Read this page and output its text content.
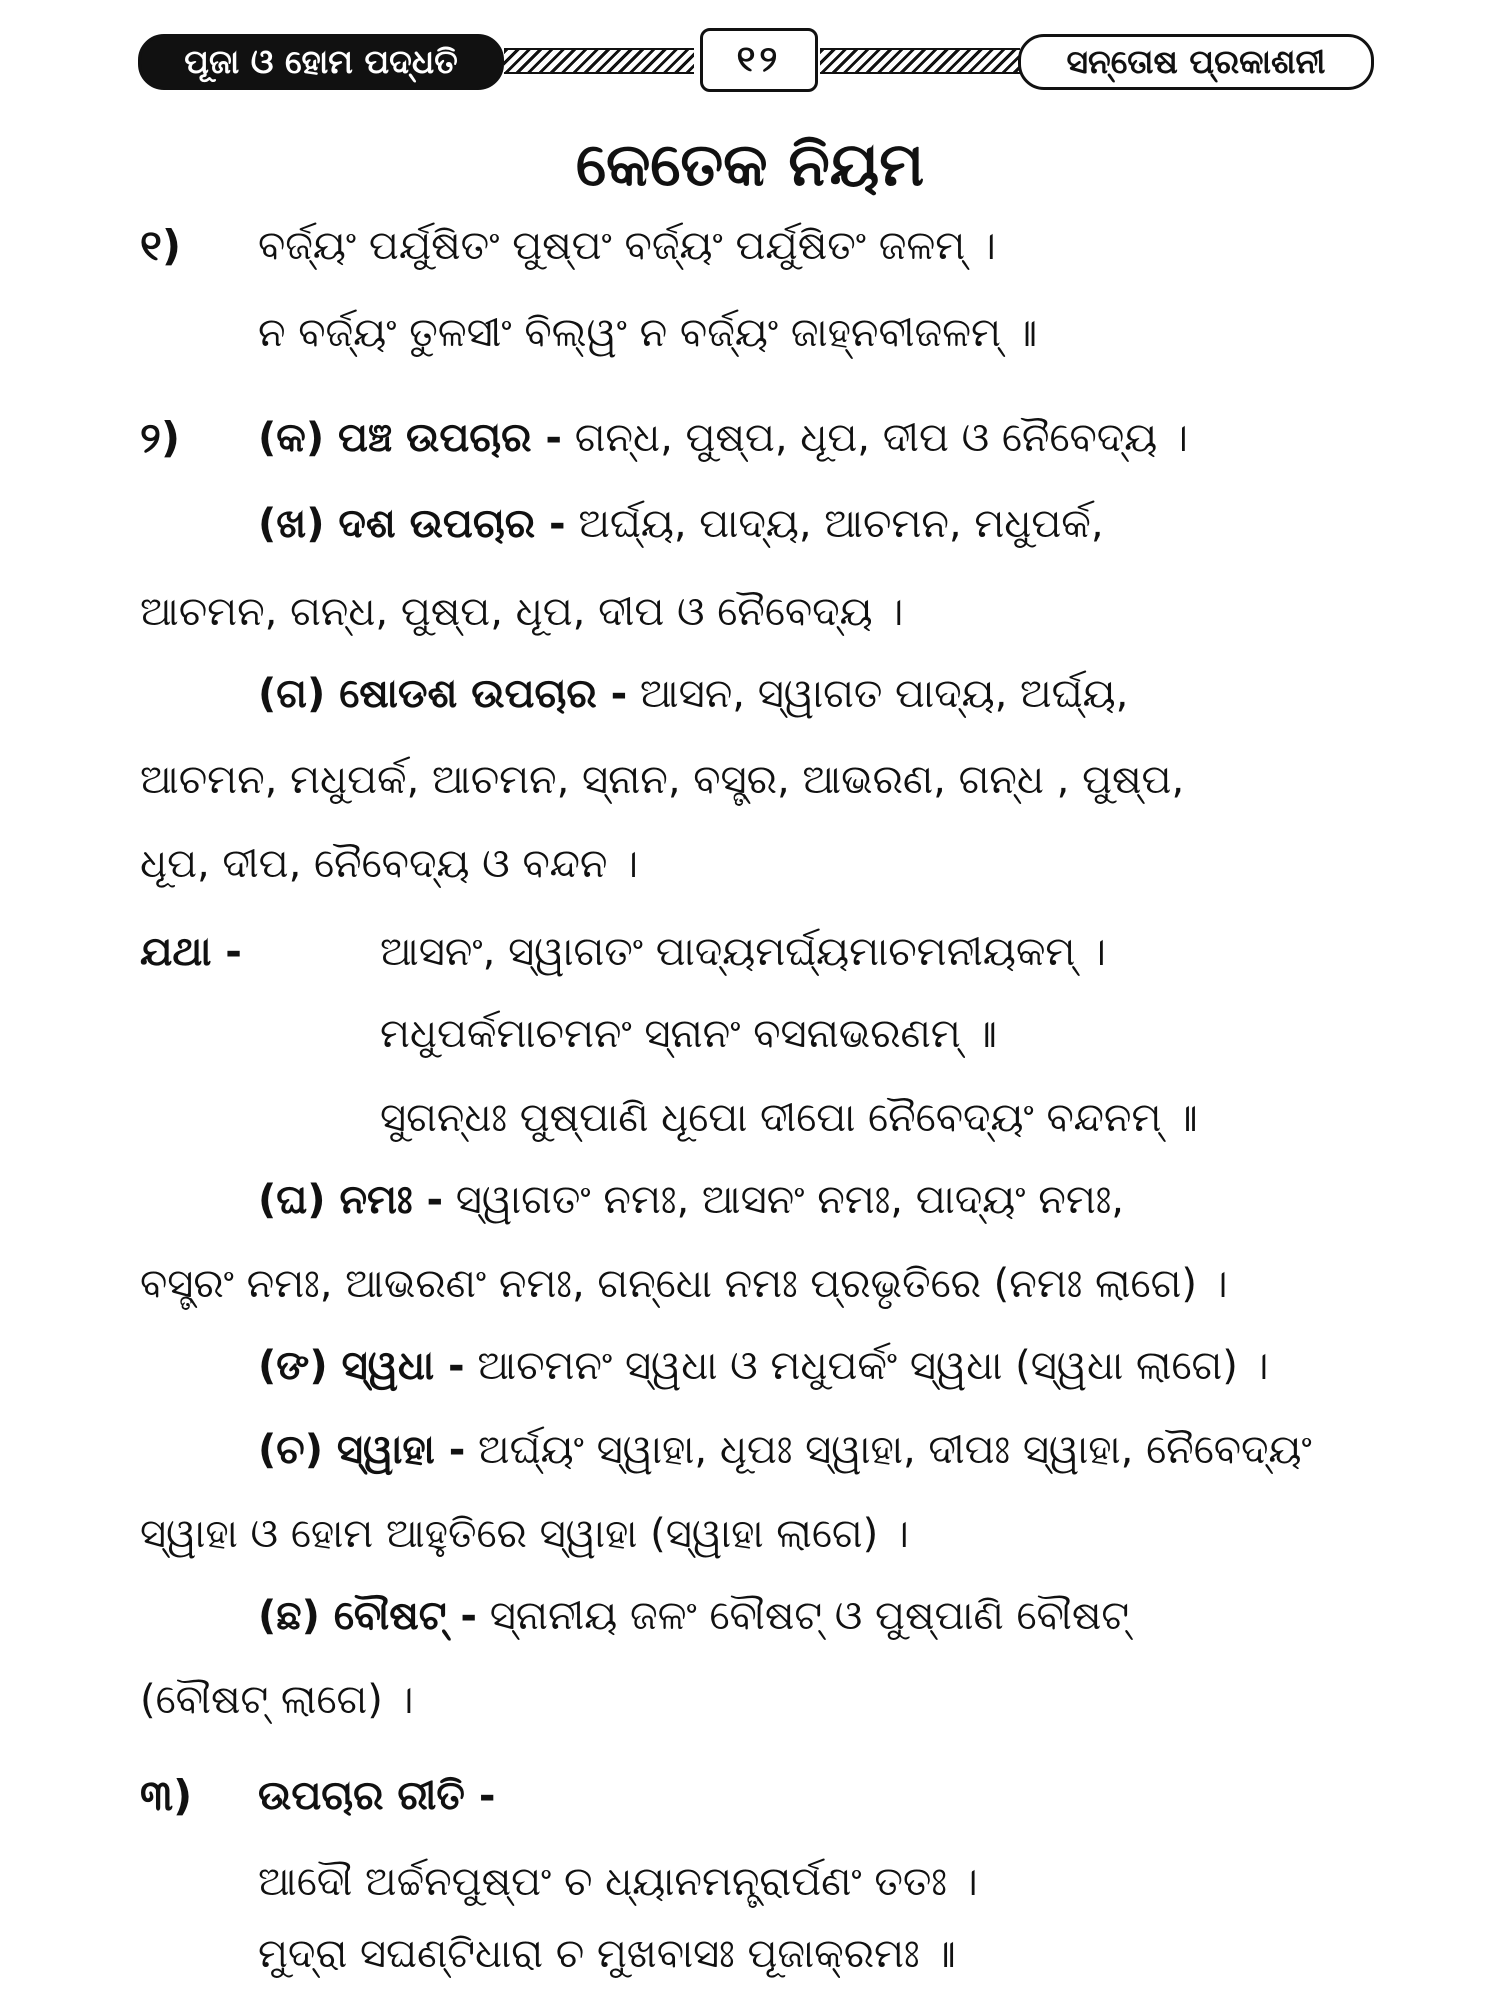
ପୂଜା ଓ ହୋମ ପଦ୍ଧତି	୧୨	ସନ୍ତୋଷ ପ୍ରକାଶନୀ
କେତେକ ନିୟମ
୧) ବର୍ଜ୍ୟଂ ପର୍ଯୁଷିତଂ ପୁଷ୍ପଂ ବର୍ଜ୍ୟଂ ପର୍ଯୁଷିତଂ ଜଳମ୍ ।
ନ ବର୍ଜ୍ୟଂ ତୁଳସୀଂ ବିଲ୍ୱଂ ନ ବର୍ଜ୍ୟଂ ଜାହ୍ନବୀଜଳମ୍ ॥
୨) (କ) ପଞ୍ଚ ଉପଚାର - ଗନ୍ଧ, ପୁଷ୍ପ, ଧୂପ, ଦୀପ ଓ ନୈବେଦ୍ୟ ।
(ଖ) ଦଶ ଉପଚାର - ଅର୍ଘ୍ୟ, ପାଦ୍ୟ, ଆଚମନ, ମଧୁପର୍କ,
ଆଚମନ, ଗନ୍ଧ, ପୁଷ୍ପ, ଧୂପ, ଦୀପ ଓ ନୈବେଦ୍ୟ ।
(ଗ) ଷୋଡଶ ଉପଚାର - ଆସନ, ସ୍ୱାଗତ ପାଦ୍ୟ, ଅର୍ଘ୍ୟ,
ଆଚମନ, ମଧୁପର୍କ, ଆଚମନ, ସ୍ନାନ, ବସ୍ତ୍ର, ଆଭରଣ, ଗନ୍ଧ , ପୁଷ୍ପ,
ଧୂପ, ଦୀପ, ନୈବେଦ୍ୟ ଓ ବନ୍ଦନ ।
ଯଥା -	ଆସନଂ, ସ୍ୱାଗତଂ ପାଦ୍ୟମର୍ଘ୍ୟମାଚମନୀୟକମ୍ ।
ମଧୁପର୍କମାଚମନଂ ସ୍ନାନଂ ବସନାଭରଣମ୍ ॥
ସୁଗନ୍ଧଃ ପୁଷ୍ପାଣି ଧୂପୋ ଦୀପୋ ନୈବେଦ୍ୟଂ ବନ୍ଦନମ୍ ॥
(ଘ) ନମଃ - ସ୍ୱାଗତଂ ନମଃ, ଆସନଂ ନମଃ, ପାଦ୍ୟଂ ନମଃ,
ବସ୍ତ୍ରଂ ନମଃ, ଆଭରଣଂ ନମଃ, ଗନ୍ଧୋ ନମଃ ପ୍ରଭୃତିରେ (ନମଃ ଲାଗେ) ।
(ଙ) ସ୍ୱଧା - ଆଚମନଂ ସ୍ୱଧା ଓ ମଧୁପର୍କଂ ସ୍ୱଧା (ସ୍ୱଧା ଲାଗେ) ।
(ଚ) ସ୍ୱାହା - ଅର୍ଘ୍ୟଂ ସ୍ୱାହା, ଧୂପଃ ସ୍ୱାହା, ଦୀପଃ ସ୍ୱାହା, ନୈବେଦ୍ୟଂ
ସ୍ୱାହା ଓ ହୋମ ଆହୁତିରେ ସ୍ୱାହା (ସ୍ୱାହା ଲାଗେ) ।
(ଛ) ବୌଷଟ୍ - ସ୍ନାନୀୟ ଜଳଂ ବୌଷଟ୍ ଓ ପୁଷ୍ପାଣି ବୌଷଟ୍
(ବୌଷଟ୍ ଲାଗେ) ।
୩) ଉପଚାର ରୀତି -
ଆଦୌ ଅର୍ଚ୍ଚନପୁଷ୍ପଂ ଚ ଧ୍ୟାନମନ୍ତ୍ରାର୍ପଣଂ ତତଃ ।
ମୁଦ୍ରା ସଘଣ୍ଟିଧାରା ଚ ମୁଖବାସଃ ପୂଜାକ୍ରମଃ ॥
